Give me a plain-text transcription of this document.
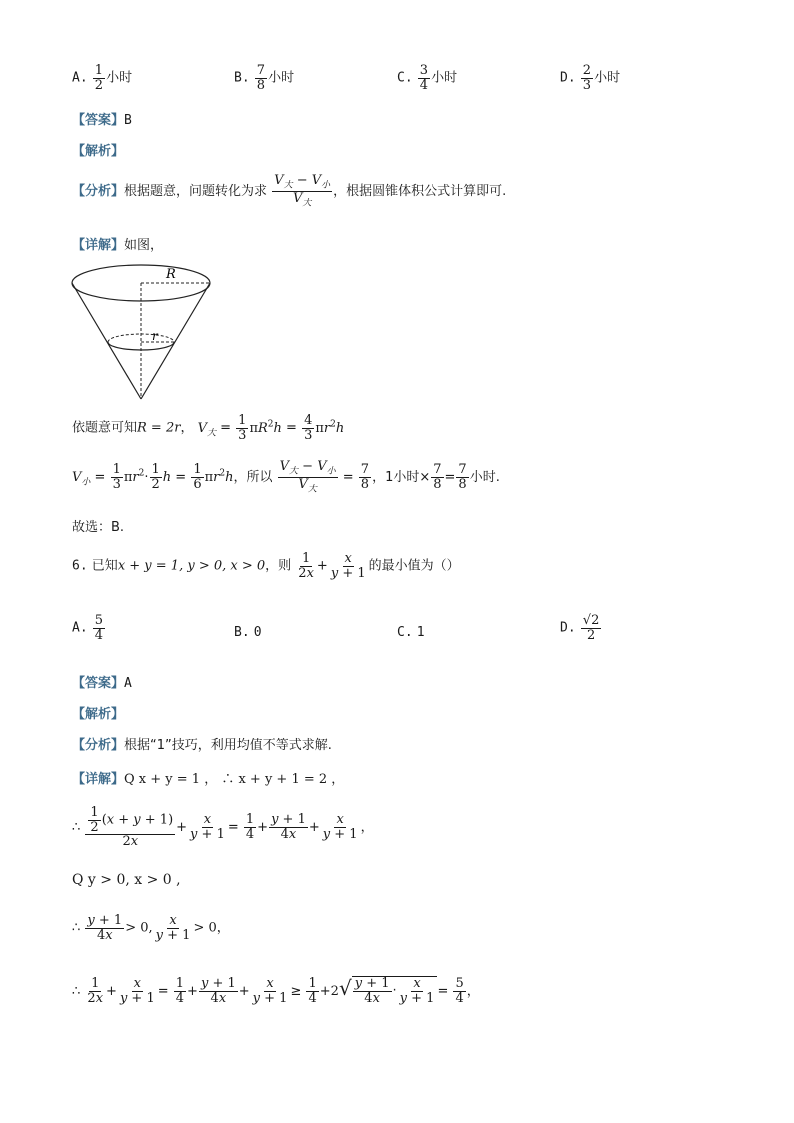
A. $\frac{1}{2}$ 小时	B. $\frac{7}{8}$ 小时	C. $\frac{3}{4}$ 小时	D. $\frac{2}{3}$ 小时
【答案】B
【解析】
【分析】根据题意，问题转化为求 $\frac{V_大 - V_小}{V_大}$ ，根据圆锥体积公式计算即可.
【详解】如图，
R
r
依题意可知R = 2r， $V_大 = \frac{1}{3} \pi R^2h = \frac{4}{3} \pi r^2h$
$V_小 = \frac{1}{3} \pi r^2\cdot \frac{1}{2}$ $h = \frac{1}{6} \pi r^2h$，所以 $\frac{V_大 - V_小}{V_大} = \frac{7}{8}$ ，1小时× $\frac{7}{8} = \frac{7}{8}$ 小时.
故选：B.
6. 已知x + y = 1, y > 0, x > 0，则 $\frac{1}{2x} + \frac{x}{y + 1}$ 的最小值为（）
A. $\frac{5}{4}$	B. 0	C. 1	D. $\frac{√2}{2}$
【答案】A
【解析】
【分析】根据“1”技巧，利用均值不等式求解.
【详解】Q x + y = 1 ， ∴ x + y + 1 = 2 ，
∴ $\frac{\frac{1}{2} (x + y + 1)}{2x} + \frac{x}{y + 1} = \frac{1}{4} + \frac{y + 1}{4x} + \frac{x}{y + 1}$ ，
Q y > 0, x > 0 ,
∴ $\frac{y + 1}{4x} > 0$, $\frac{x}{y + 1} > 0$，
∴ $\frac{1}{2x} + \frac{x}{y + 1} = \frac{1}{4} + \frac{y + 1}{4x} + \frac{x}{y + 1} \ge \frac{1}{4} +2√ \frac{y + 1}{4x} \cdot \frac{x}{y + 1} = \frac{5}{4}$ ，
